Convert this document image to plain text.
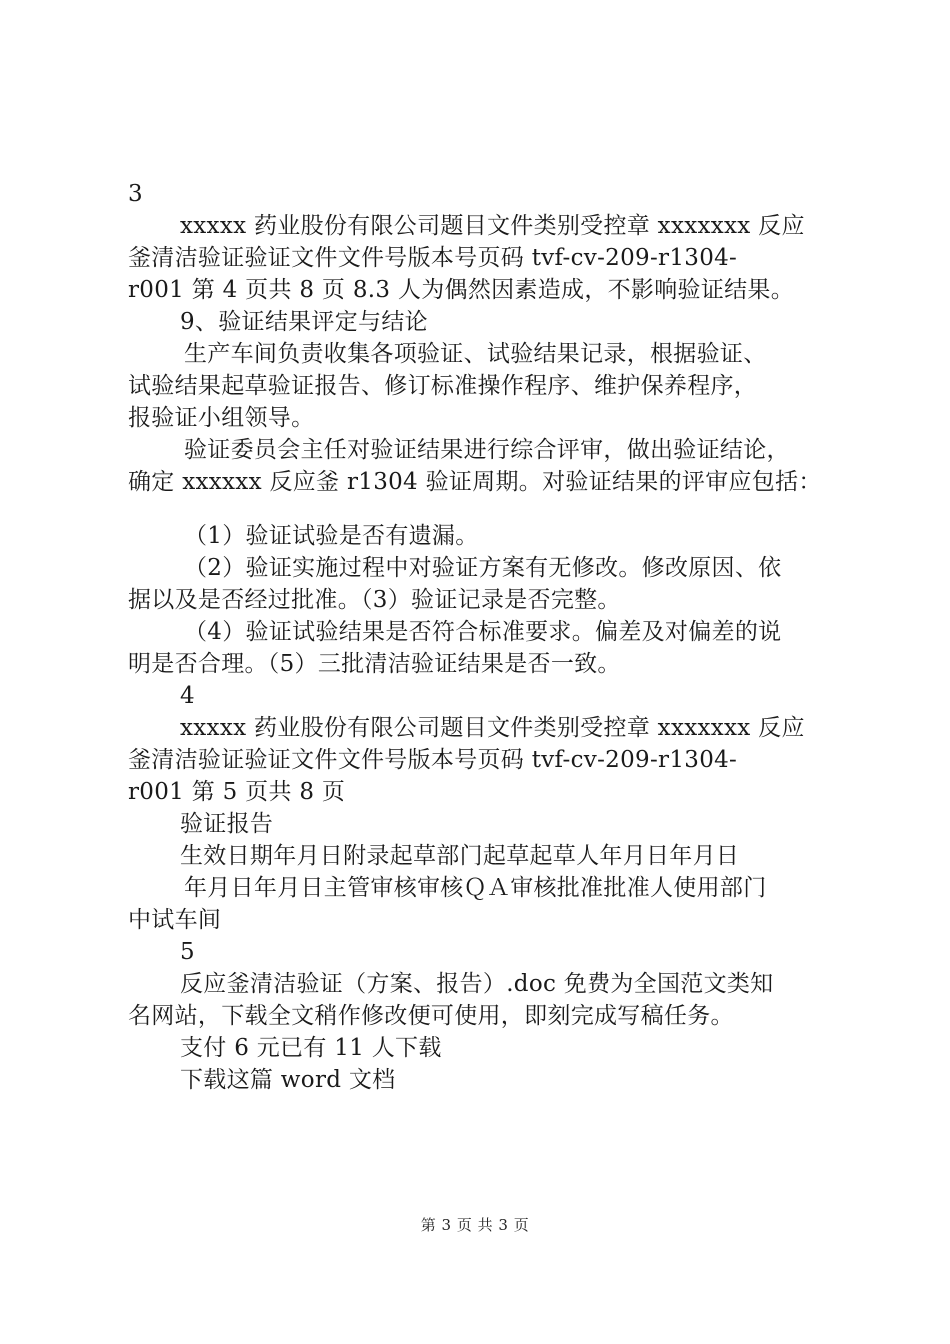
3
xxxxx 药业股份有限公司题目文件类别受控章 xxxxxxx 反应
釜清洁验证验证文件文件号版本号页码 tvf-cv-209-r1304-
r001 第 4 页共 8 页 8.3 人为偶然因素造成，不影响验证结果。
9、验证结果评定与结论
生产车间负责收集各项验证、试验结果记录，根据验证、
试验结果起草验证报告、修订标准操作程序、维护保养程序，
报验证小组领导。
验证委员会主任对验证结果进行综合评审，做出验证结论，
确定 xxxxxx 反应釜 r1304 验证周期。对验证结果的评审应包括：
（1）验证试验是否有遗漏。
（2）验证实施过程中对验证方案有无修改。修改原因、依
据以及是否经过批准。（3）验证记录是否完整。
（4）验证试验结果是否符合标准要求。偏差及对偏差的说
明是否合理。（5）三批清洁验证结果是否一致。
4
xxxxx 药业股份有限公司题目文件类别受控章 xxxxxxx 反应
釜清洁验证验证文件文件号版本号页码 tvf-cv-209-r1304-
r001 第 5 页共 8 页
验证报告
生效日期年月日附录起草部门起草起草人年月日年月日
年月日年月日主管审核审核ＱＡ审核批准批准人使用部门
中试车间
5
反应釜清洁验证（方案、报告）.doc 免费为全国范文类知
名网站，下载全文稍作修改便可使用，即刻完成写稿任务。
支付 6 元已有 11 人下载
下载这篇 word 文档
第 3 页 共 3 页
